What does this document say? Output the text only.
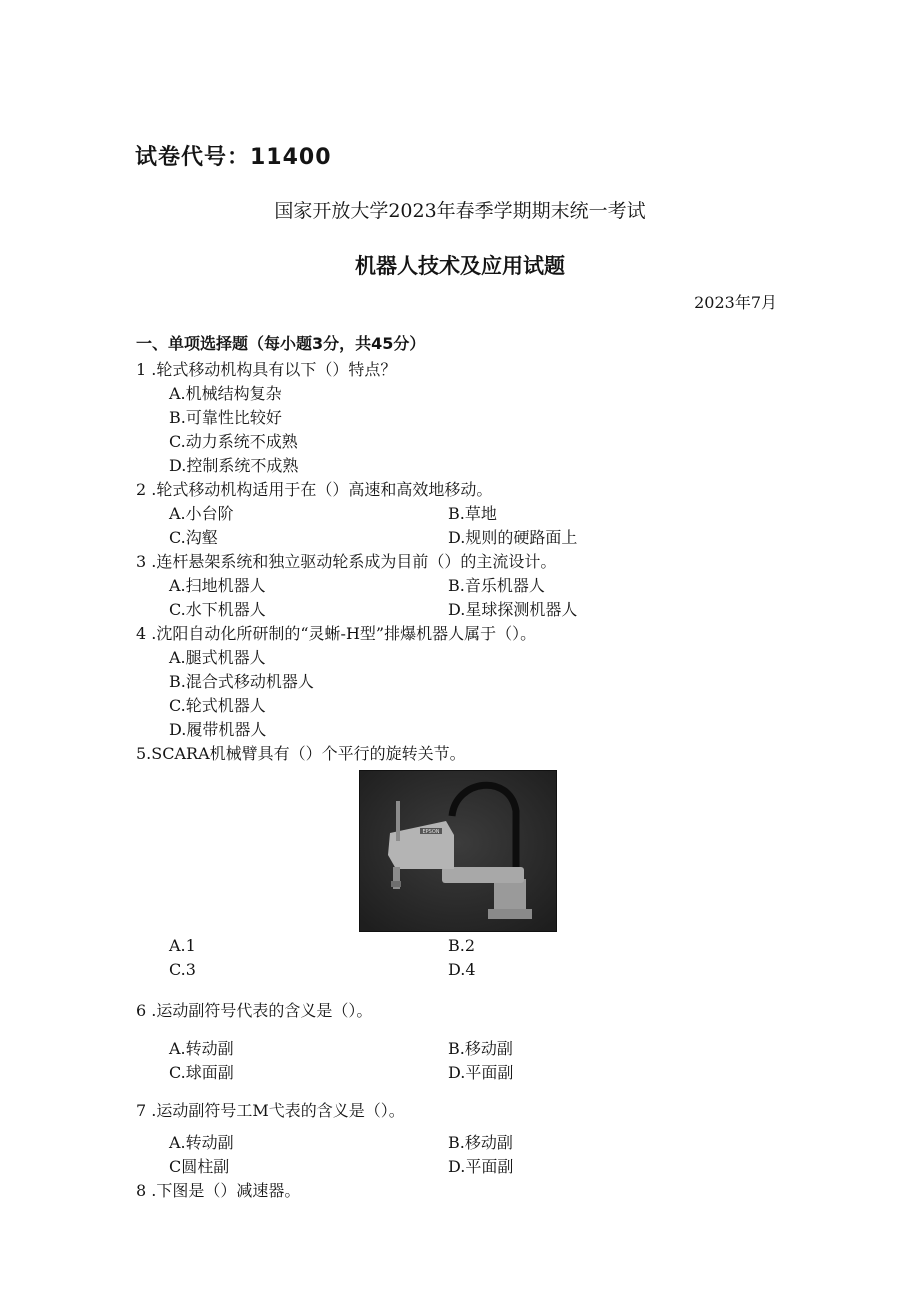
试卷代号：11400
国家开放大学2023年春季学期期末统一考试
机器人技术及应用试题
2023年7月
一、单项选择题（每小题3分，共45分）
1 .轮式移动机构具有以下（）特点？
A.机械结构复杂
B.可靠性比较好
C.动力系统不成熟
D.控制系统不成熟
2 .轮式移动机构适用于在（）高速和高效地移动。
A.小台阶	B.草地
C.沟壑	D.规则的硬路面上
3 .连杆悬架系统和独立驱动轮系成为目前（）的主流设计。
A.扫地机器人	B.音乐机器人
C.水下机器人	D.星球探测机器人
4 .沈阳自动化所研制的“灵蜥-H型”排爆机器人属于（）。
A.腿式机器人
B.混合式移动机器人
C.轮式机器人
D.履带机器人
5.SCARA机械臂具有（）个平行的旋转关节。
EPSON
A.1	B.2
C.3	D.4
6 .运动副符号代表的含义是（）。
A.转动副	B.移动副
C.球面副	D.平面副
7 .运动副符号工M弋表的含义是（）。
A.转动副	B.移动副
C圆柱副	D.平面副
8 .下图是（）减速器。
